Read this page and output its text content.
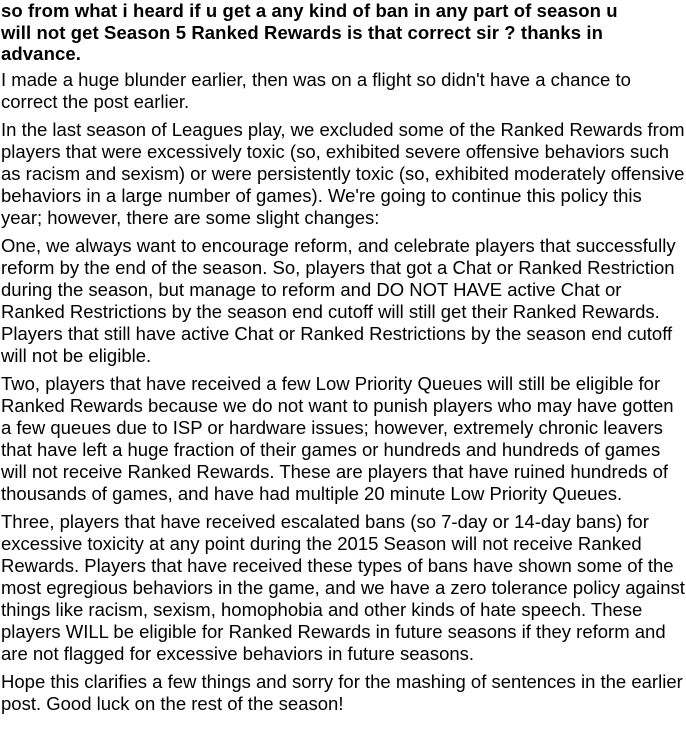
so from what i heard if u get a any kind of ban in any part of season u will not get Season 5 Ranked Rewards is that correct sir ? thanks in advance.

I made a huge blunder earlier, then was on a flight so didn't have a chance to correct the post earlier.

In the last season of Leagues play, we excluded some of the Ranked Rewards from players that were excessively toxic (so, exhibited severe offensive behaviors such as racism and sexism) or were persistently toxic (so, exhibited moderately offensive behaviors in a large number of games). We're going to continue this policy this year; however, there are some slight changes:

One, we always want to encourage reform, and celebrate players that successfully reform by the end of the season. So, players that got a Chat or Ranked Restriction during the season, but manage to reform and DO NOT HAVE active Chat or Ranked Restrictions by the season end cutoff will still get their Ranked Rewards. Players that still have active Chat or Ranked Restrictions by the season end cutoff will not be eligible.

Two, players that have received a few Low Priority Queues will still be eligible for Ranked Rewards because we do not want to punish players who may have gotten a few queues due to ISP or hardware issues; however, extremely chronic leavers that have left a huge fraction of their games or hundreds and hundreds of games will not receive Ranked Rewards. These are players that have ruined hundreds of thousands of games, and have had multiple 20 minute Low Priority Queues.

Three, players that have received escalated bans (so 7-day or 14-day bans) for excessive toxicity at any point during the 2015 Season will not receive Ranked Rewards. Players that have received these types of bans have shown some of the most egregious behaviors in the game, and we have a zero tolerance policy against things like racism, sexism, homophobia and other kinds of hate speech. These players WILL be eligible for Ranked Rewards in future seasons if they reform and are not flagged for excessive behaviors in future seasons.

Hope this clarifies a few things and sorry for the mashing of sentences in the earlier post. Good luck on the rest of the season!
